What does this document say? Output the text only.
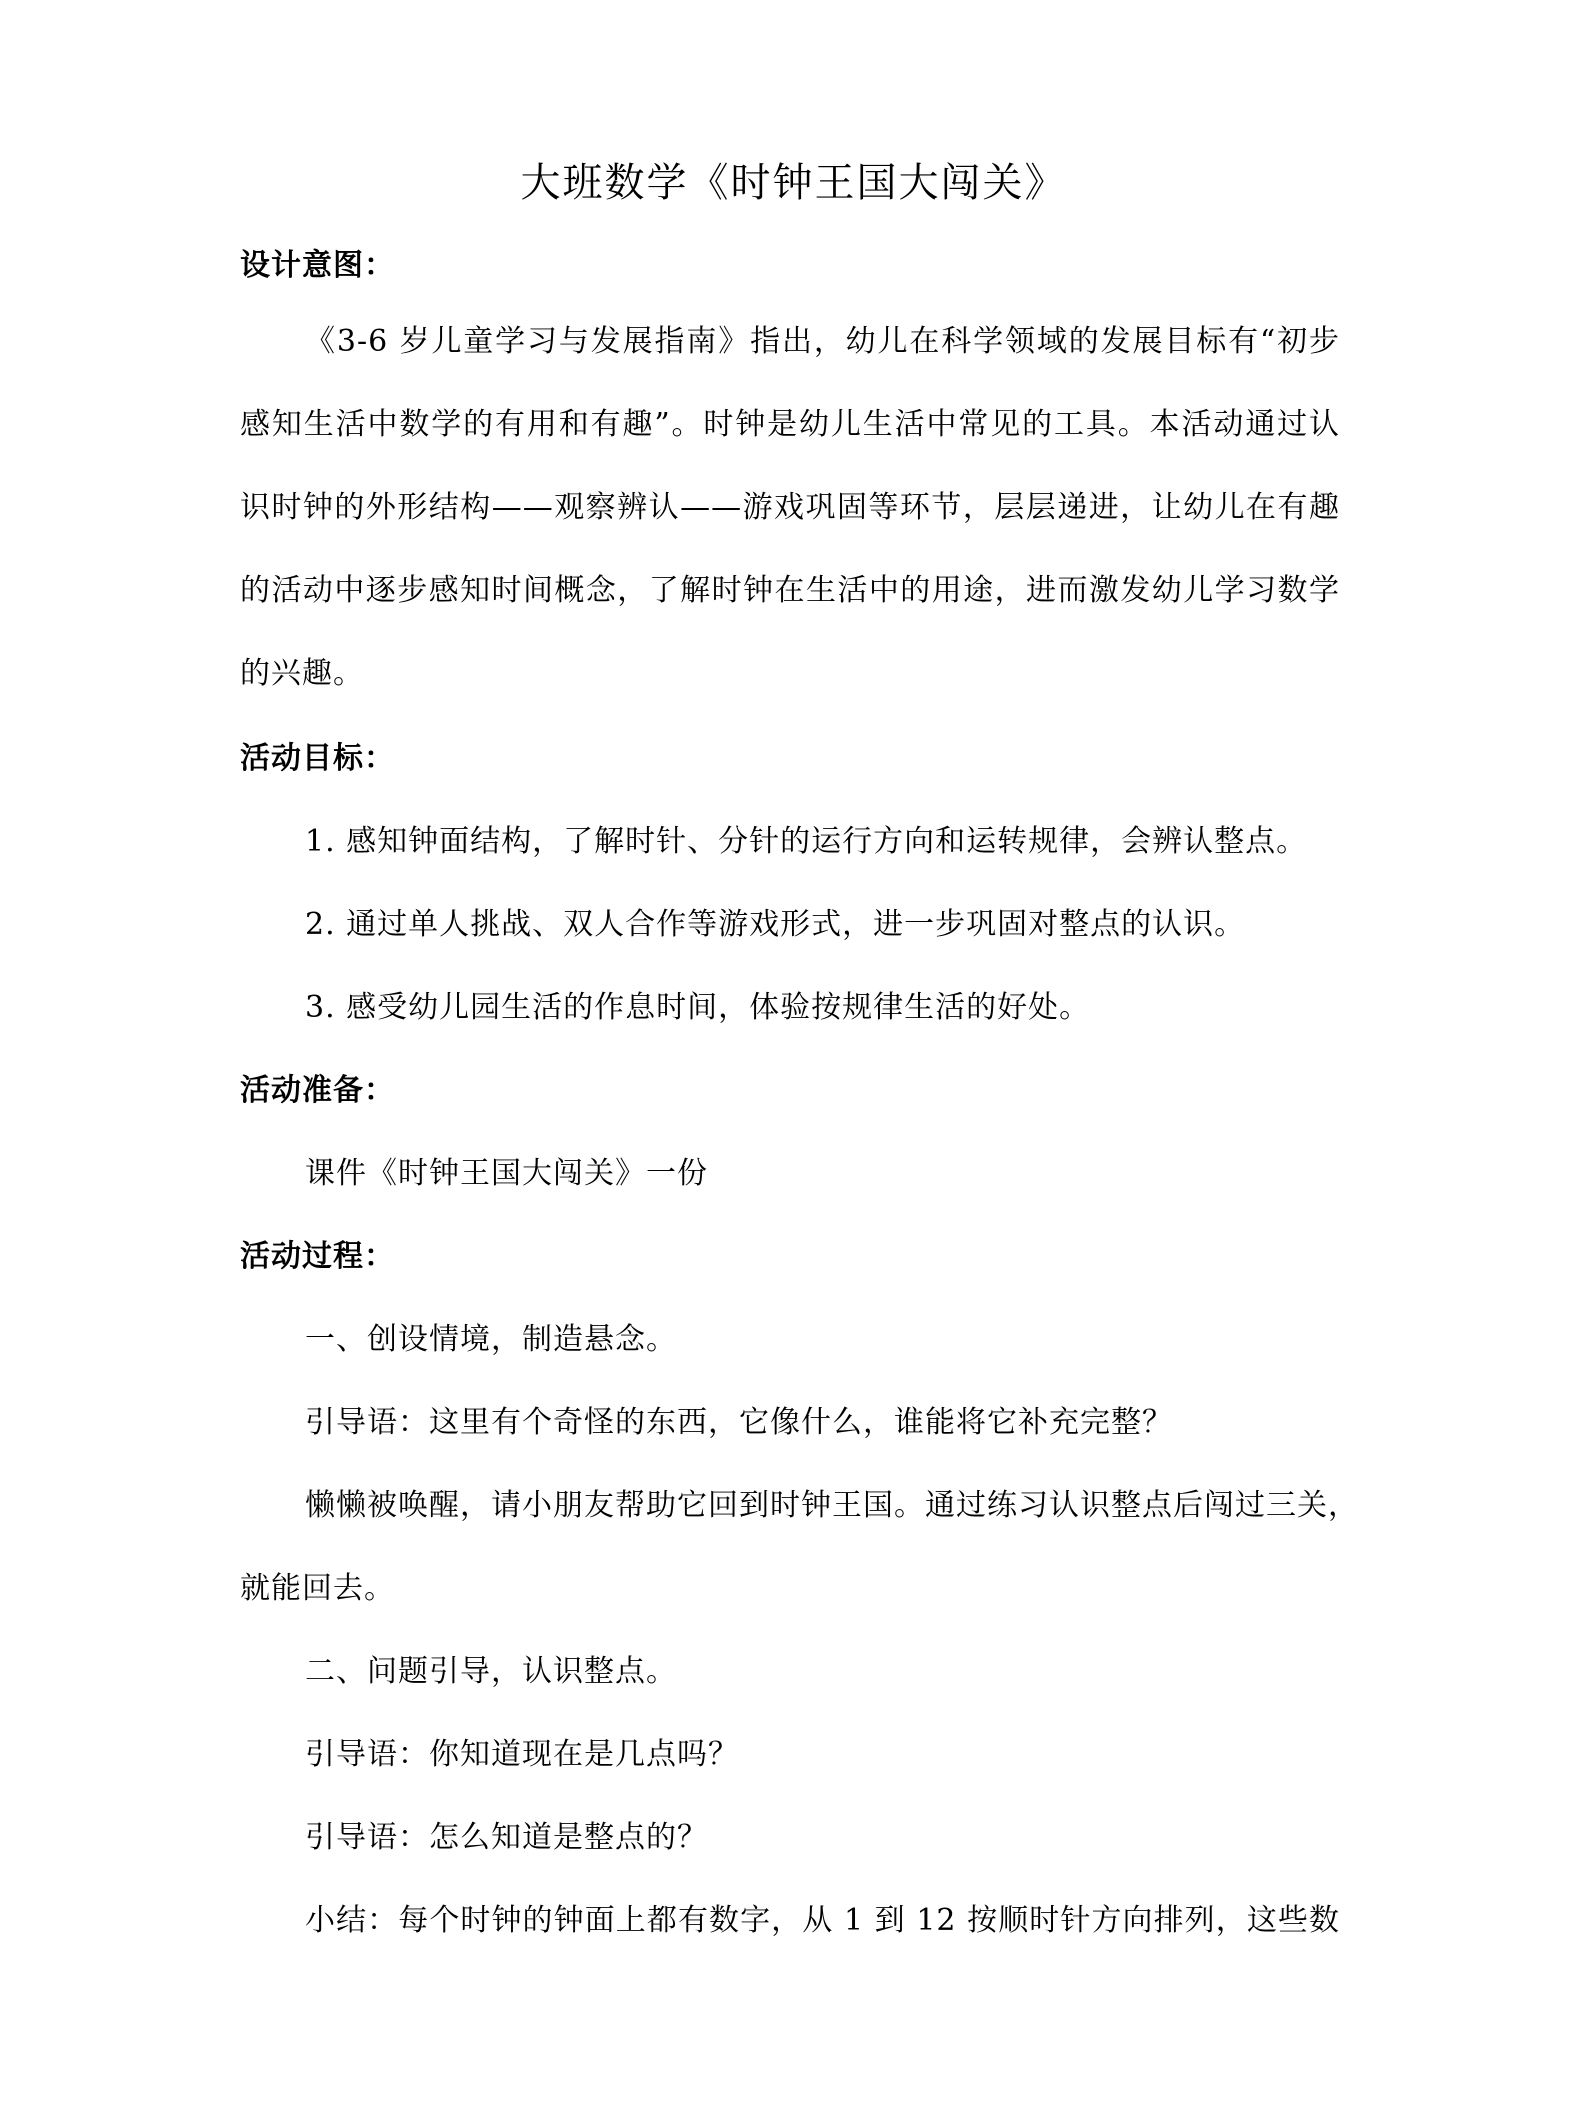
大班数学《时钟王国大闯关》
设计意图：
《3-6 岁儿童学习与发展指南》指出，幼儿在科学领域的发展目标有“初步
感知生活中数学的有用和有趣”。时钟是幼儿生活中常见的工具。本活动通过认
识时钟的外形结构——观察辨认——游戏巩固等环节，层层递进，让幼儿在有趣
的活动中逐步感知时间概念，了解时钟在生活中的用途，进而激发幼儿学习数学
的兴趣。
活动目标：
1. 感知钟面结构，了解时针、分针的运行方向和运转规律，会辨认整点。
2. 通过单人挑战、双人合作等游戏形式，进一步巩固对整点的认识。
3. 感受幼儿园生活的作息时间，体验按规律生活的好处。
活动准备：
课件《时钟王国大闯关》一份
活动过程：
一、创设情境，制造悬念。
引导语：这里有个奇怪的东西，它像什么，谁能将它补充完整？
懒懒被唤醒，请小朋友帮助它回到时钟王国。通过练习认识整点后闯过三关，
就能回去。
二、问题引导，认识整点。
引导语：你知道现在是几点吗？
引导语：怎么知道是整点的？
小结：每个时钟的钟面上都有数字，从 1 到 12 按顺时针方向排列，这些数
